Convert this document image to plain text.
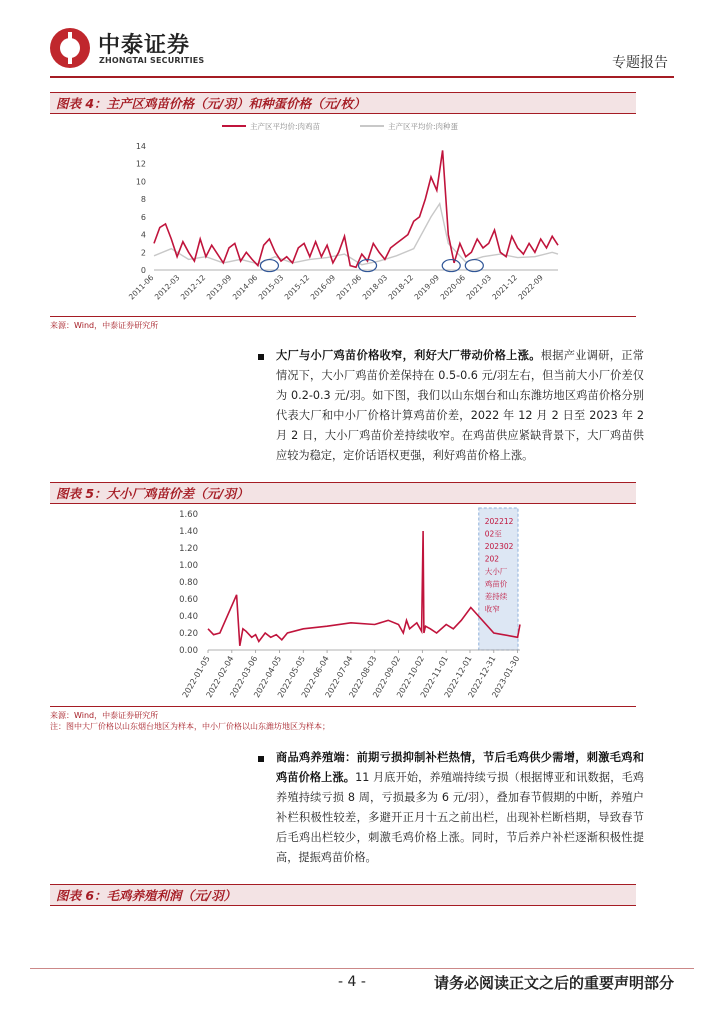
中泰证券
ZHONGTAI SECURITIES	专题报告
图表 4：主产区鸡苗价格（元/羽）和种蛋价格（元/枚）
主产区平均价:肉鸡苗	主产区平均价:肉种蛋
0
2
4
6
8
10
12
14
2011-06
2012-03
2012-12
2013-09
2014-06
2015-03
2015-12
2016-09
2017-06
2018-03
2018-12
2019-09
2020-06
2021-03
2021-12
2022-09
来源：Wind，中泰证券研究所
大厂与小厂鸡苗价格收窄，利好大厂带动价格上涨。根据产业调研，正常情况下，大小厂鸡苗价差保持在 0.5-0.6 元/羽左右，但当前大小厂价差仅为 0.2-0.3 元/羽。如下图，我们以山东烟台和山东潍坊地区鸡苗价格分别代表大厂和中小厂价格计算鸡苗价差，2022 年 12 月 2 日至 2023 年 2 月 2 日，大小厂鸡苗价差持续收窄。在鸡苗供应紧缺背景下，大厂鸡苗供应较为稳定，定价话语权更强，利好鸡苗价格上涨。
图表 5：大小厂鸡苗价差（元/羽）
202212
02至
202302
202
大小厂
鸡苗价
差持续
收窄
0.00
0.20
0.40
0.60
0.80
1.00
1.20
1.40
1.60
2022-01-05
2022-02-04
2022-03-06
2022-04-05
2022-05-05
2022-06-04
2022-07-04
2022-08-03
2022-09-02
2022-10-02
2022-11-01
2022-12-01
2022-12-31
2023-01-30
来源：Wind，中泰证券研究所
注：图中大厂价格以山东烟台地区为样本，中小厂价格以山东潍坊地区为样本；
商品鸡养殖端：前期亏损抑制补栏热情，节后毛鸡供少需增，刺激毛鸡和鸡苗价格上涨。11 月底开始，养殖端持续亏损（根据博亚和讯数据，毛鸡养殖持续亏损 8 周，亏损最多为 6 元/羽），叠加春节假期的中断，养殖户补栏积极性较差，多避开正月十五之前出栏，出现补栏断档期，导致春节后毛鸡出栏较少，刺激毛鸡价格上涨。同时，节后养户补栏逐渐积极性提高，提振鸡苗价格。
图表 6：毛鸡养殖利润（元/羽）
- 4 -	请务必阅读正文之后的重要声明部分
